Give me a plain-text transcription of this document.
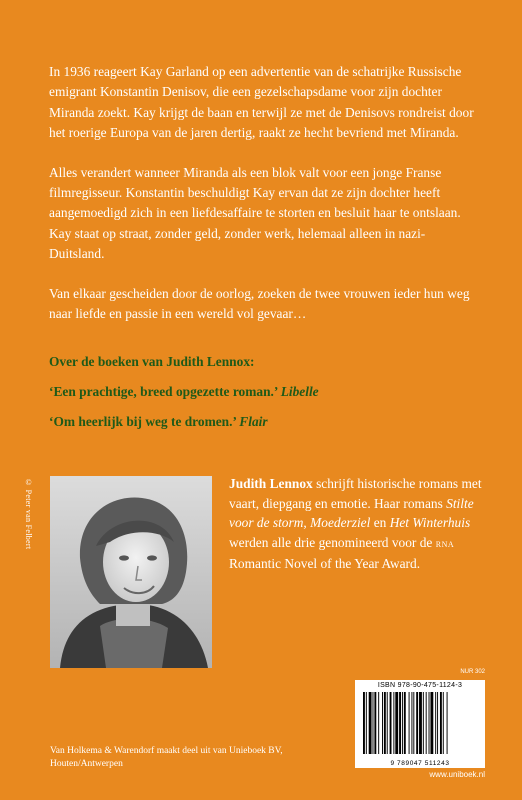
In 1936 reageert Kay Garland op een advertentie van de schatrijke Russische emigrant Konstantin Denisov, die een gezelschapsdame voor zijn dochter Miranda zoekt. Kay krijgt de baan en terwijl ze met de Denisovs rondreist door het roerige Europa van de jaren dertig, raakt ze hecht bevriend met Miranda.

Alles verandert wanneer Miranda als een blok valt voor een jonge Franse filmregisseur. Konstantin beschuldigt Kay ervan dat ze zijn dochter heeft aangemoedigd zich in een liefdesaffaire te storten en besluit haar te ontslaan. Kay staat op straat, zonder geld, zonder werk, helemaal alleen in nazi-Duitsland.

Van elkaar gescheiden door de oorlog, zoeken de twee vrouwen ieder hun weg naar liefde en passie in een wereld vol gevaar…

Over de boeken van Judith Lennox:
‘Een prachtige, breed opgezette roman.’ Libelle
‘Om heerlijk bij weg te dromen.’ Flair
© Peter van Felbert	Judith Lennox schrijft historische romans met vaart, diepgang en emotie. Haar romans Stilte voor de storm, Moederziel en Het Winterhuis werden alle drie genomineerd voor de rna Romantic Novel of the Year Award.
NUR 302
ISBN 978-90-475-1124-3
9 789047 511243
www.uniboek.nl
Van Holkema & Warendorf maakt deel uit van Unieboek BV, Houten/Antwerpen
